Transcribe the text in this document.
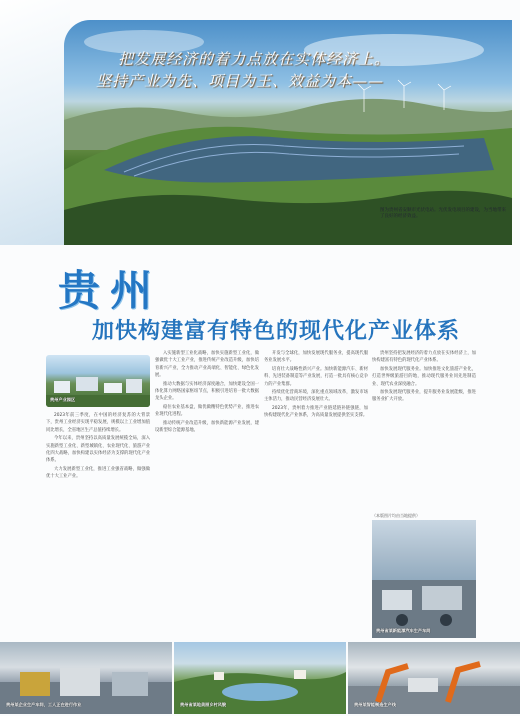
把发展经济的着力点放在实体经济上。
坚持产业为先、项目为王、效益为本——
图为贵州省安顺市光伏电站。光伏发电项目的建设，为当地带来了良好的经济效益。
贵州
加快构建富有特色的现代化产业体系
贵州产业园区

2023年前三季度，在中国的经济复苏的大背景下，贵州工业经济实现平稳发展，规模以上工业增加值同比增长，全省地区生产总值持续增长。

今年以来，贵州坚持以高质量发展统揽全局，深入实施新型工业化、新型城镇化、农业现代化、旅游产业化四大战略，加快构建以实体经济为支撑的现代化产业体系。

大力发展新型工业化，推进工业强省战略，做强做优十大工业产业。

入实施新型工业化战略，加快实施新型工业化，做强做优十大工业产业，推进传统产业改造升级，加快培育新兴产业，全力推动产业高端化、智能化、绿色化发展。

推动大数据与实体经济深度融合，加快建设全国一体化算力网络国家枢纽节点，积极引进培育一批大数据龙头企业。

稳住农业基本盘，做优做精特色优势产业，推进农业现代化进程。

推动传统产业改造升级，加快新能源产业发展，建设新型综合能源基地。

开发与全球化，加快发展现代服务业，提高现代服务业发展水平。

培育壮大战略性新兴产业。加快新能源汽车、新材料、先进装备制造等产业发展，打造一批具有核心竞争力的产业集群。

持续优化营商环境，深化重点领域改革，激发市场主体活力，推动民营经济发展壮大。

2023年，贵州着力推进产业链延链补链强链，加快构建现代化产业体系，为高质量发展提供坚实支撑。

贵州坚持把发展经济的着力点放在实体经济上，加快构建富有特色的现代化产业体系。

加快发展现代服务业。加快推进文化旅游产业化，打造世界级旅游目的地，推动现代服务业同先进制造业、现代农业深度融合。

加快发展现代服务业，提升服务业发展能级，推进服务业扩大开放。

（本版图片均由当地提供）
贵州省某新能源汽车生产车间
贵州某企业生产车间，工人正在进行作业	贵州省某地美丽乡村风貌	贵州某智能制造生产线
